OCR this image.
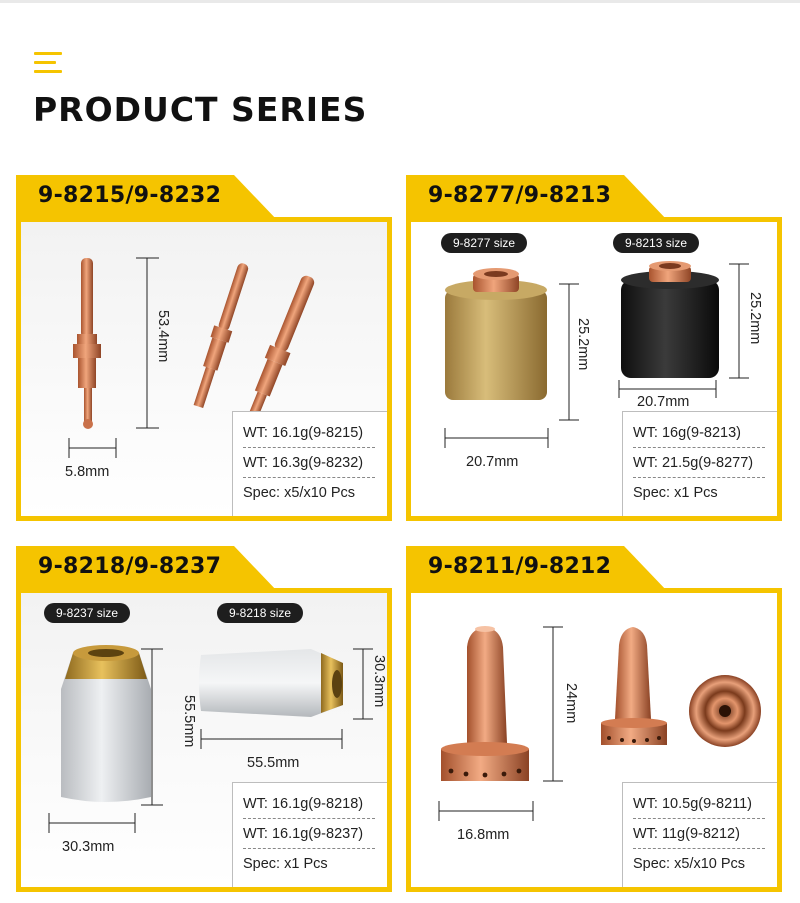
PRODUCT SERIES
9-8215/9-8232
53.4mm
5.8mm
WT: 16.1g(9-8215)
WT: 16.3g(9-8232)
Spec: x5/x10 Pcs
9-8277/9-8213
9-8277 size	9-8213 size
25.2mm
20.7mm
25.2mm
20.7mm
WT: 16g(9-8213)
WT: 21.5g(9-8277)
Spec: x1 Pcs
9-8218/9-8237
9-8237 size	9-8218 size
55.5mm
30.3mm
30.3mm
55.5mm
WT: 16.1g(9-8218)
WT: 16.1g(9-8237)
Spec: x1 Pcs
9-8211/9-8212
24mm
16.8mm
WT: 10.5g(9-8211)
WT: 11g(9-8212)
Spec: x5/x10 Pcs
